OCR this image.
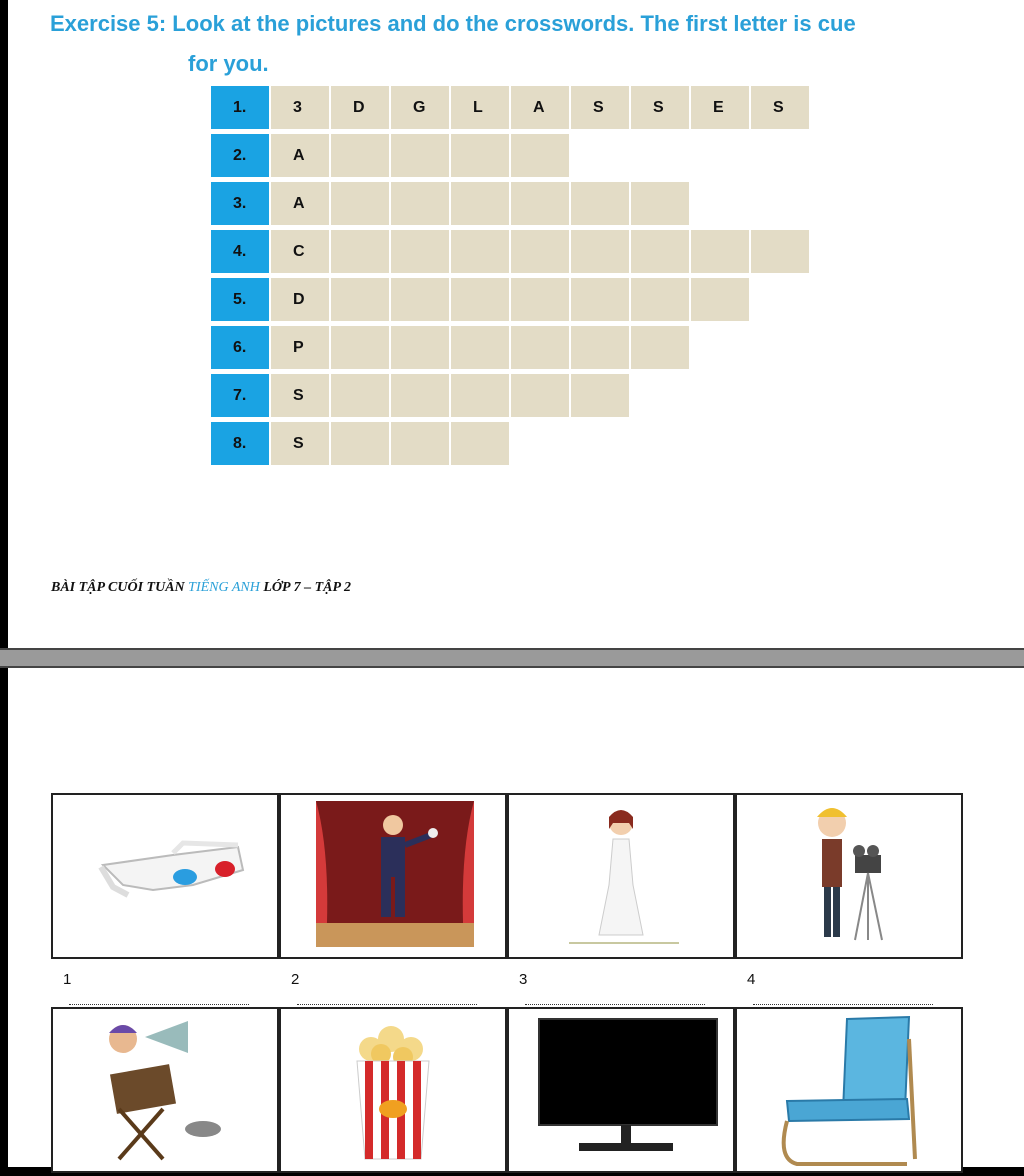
Exercise 5: Look at the pictures and do the crosswords. The first letter is cue
for you.
1.	3	D	G	L	A	S	S	E	S
2.	A
3.	A
4.	C
5.	D
6.	P
7.	S
8.	S
BÀI TẬP CUỐI TUẦN TIẾNG ANH LỚP 7 – TẬP 2
1	2	3	4
